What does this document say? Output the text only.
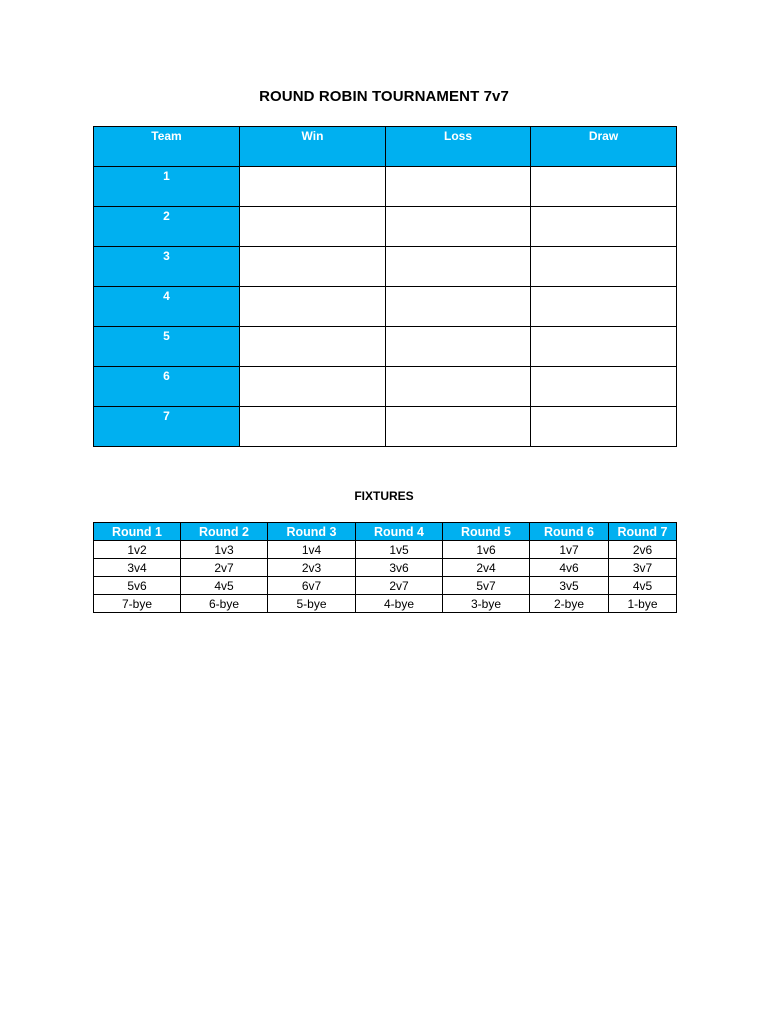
ROUND ROBIN TOURNAMENT 7v7
Team	Win	Loss	Draw
1			
2			
3			
4			
5			
6			
7			
FIXTURES
Round 1	Round 2	Round 3	Round 4	Round 5	Round 6	Round 7
1v2	1v3	1v4	1v5	1v6	1v7	2v6
3v4	2v7	2v3	3v6	2v4	4v6	3v7
5v6	4v5	6v7	2v7	5v7	3v5	4v5
7-bye	6-bye	5-bye	4-bye	3-bye	2-bye	1-bye
